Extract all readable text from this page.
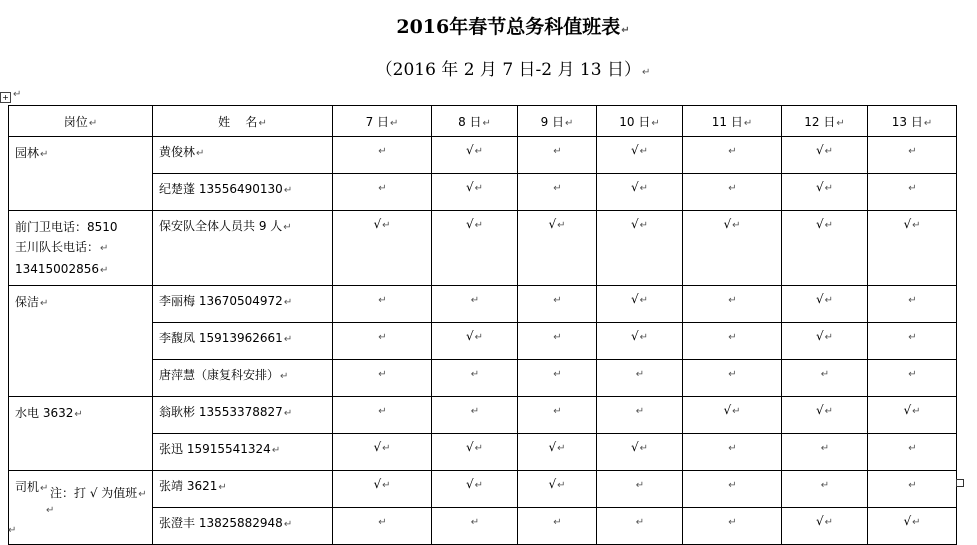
2016年春节总务科值班表↵
（2016 年 2 月 7 日-2 月 13 日）↵
+ ↵
岗位↵	姓    名↵	7 日↵	8 日↵	9 日↵	10 日↵	11 日↵	12 日↵	13 日↵

园林↵	黄俊林↵	↵	√↵	↵	√↵	↵	√↵	↵
	纪楚蓬 13556490130↵	↵	√↵	↵	√↵	↵	√↵	↵

前门卫电话：8510
王川队长电话：↵
13415002856↵	保安队全体人员共 9 人↵	√↵	√↵	√↵	√↵	√↵	√↵	√↵

保洁↵	李丽梅 13670504972↵	↵	↵	↵	√↵	↵	√↵	↵
	李馥凤 15913962661↵	↵	√↵	↵	√↵	↵	√↵	↵
	唐萍慧（康复科安排）↵	↵	↵	↵	↵	↵	↵	↵

水电 3632↵	翁耿彬 13553378827↵	↵	↵	↵	↵	√↵	√↵	√↵
	张迅 15915541324↵	√↵	√↵	√↵	√↵	↵	↵	↵

司机↵	张靖 3621↵	√↵	√↵	√↵	↵	↵	↵	↵
	张澄丰 13825882948↵	↵	↵	↵	↵	↵	√↵	√↵
注：打 √ 为值班↵
↵
↵
